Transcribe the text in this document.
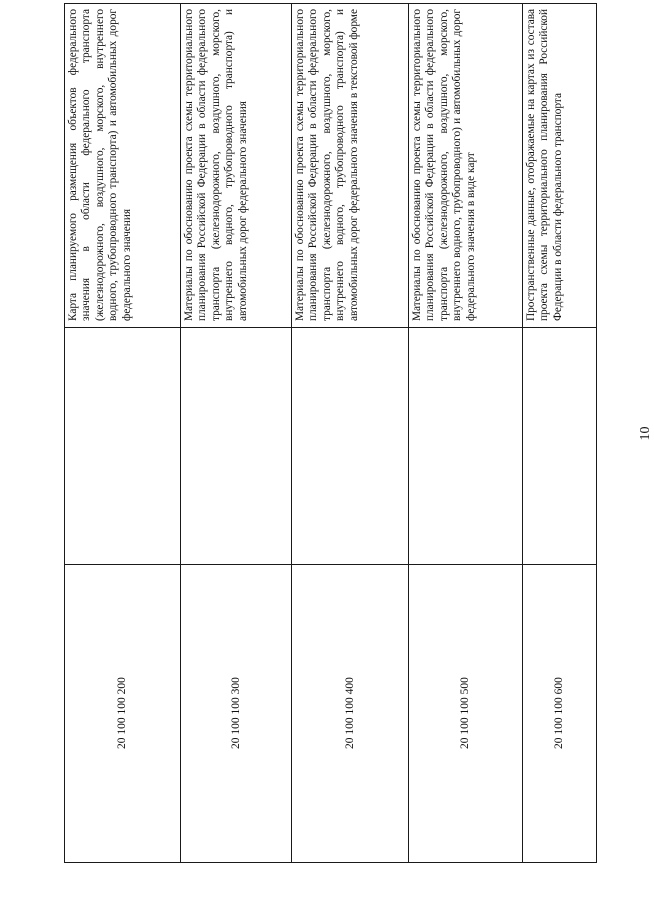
20 100 100 200		Карта планируемого размещения объектов федерального значения в области федерального транспорта (железнодорожного, воздушного, морского, внутреннего водного, трубопроводного транспорта) и автомобильных дорог федерального значения
20 100 100 300		Материалы по обоснованию проекта схемы территориального планирования Российской Федерации в области федерального транспорта (железнодорожного, воздушного, морского, внутреннего водного, трубопроводного транспорта) и автомобильных дорог федерального значения
20 100 100 400		Материалы по обоснованию проекта схемы территориального планирования Российской Федерации в области федерального транспорта (железнодорожного, воздушного, морского, внутреннего водного, трубопроводного транспорта) и автомобильных дорог федерального значения в текстовой форме
20 100 100 500		Материалы по обоснованию проекта схемы территориального планирования Российской Федерации в области федерального транспорта (железнодорожного, воздушного, морского, внутреннего водного, трубопроводного) и автомобильных дорог федерального значения в виде карт
20 100 100 600		Пространственные данные, отображаемые на картах из состава проекта схемы территориального планирования Российской Федерации в области федерального транспорта
10
